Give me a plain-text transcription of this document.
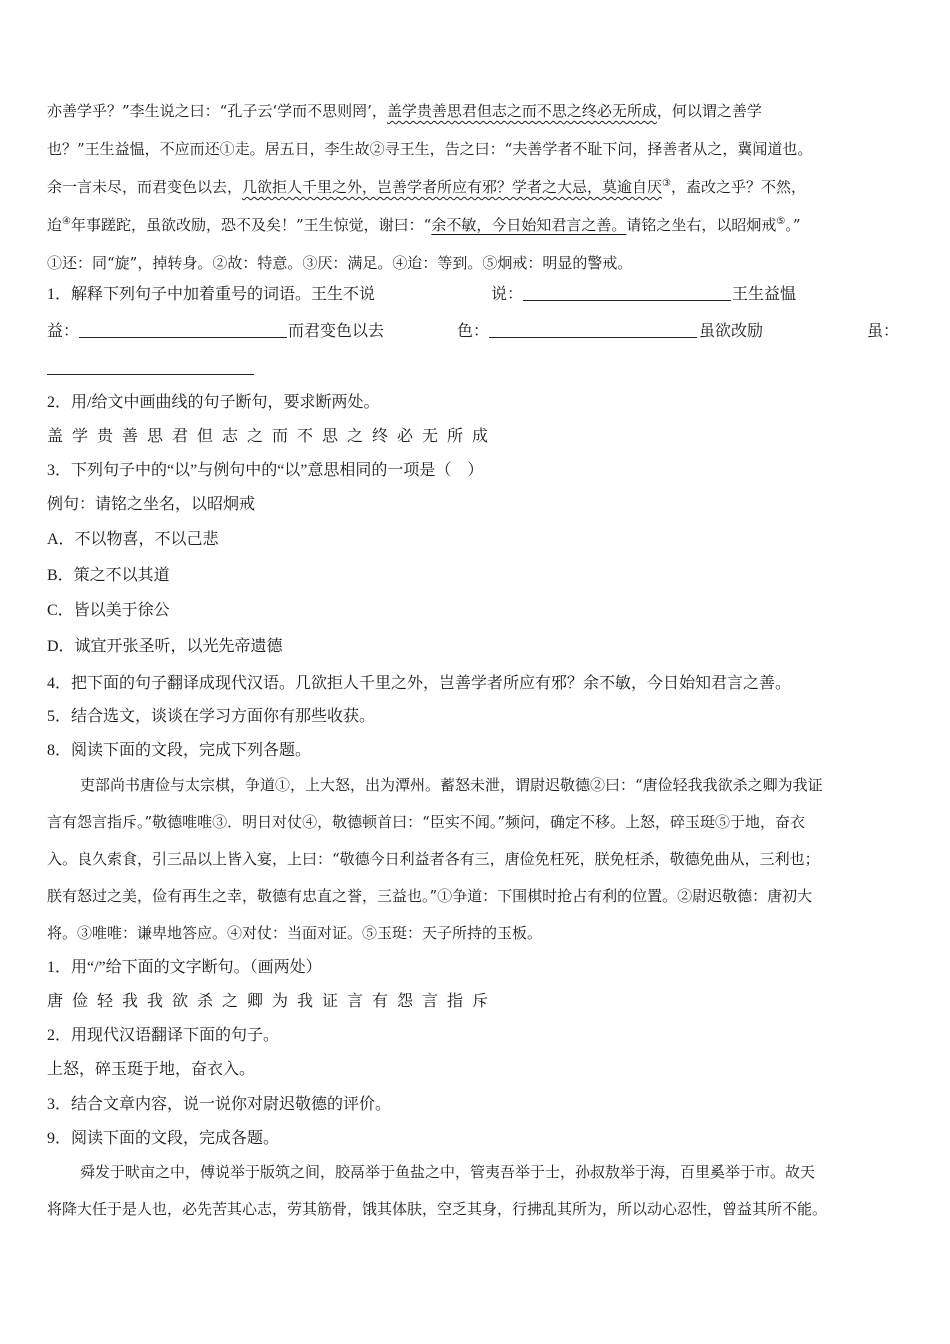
亦善学乎？”李生说之曰：“孔子云‘学而不思则罔’，盖学贵善思君但志之而不思之终必无所成，何以谓之善学
也？”王生益愠，不应而还①走。居五日，李生故②寻王生，告之曰：“夫善学者不耻下问，择善者从之，冀闻道也。
余一言未尽，而君变色以去，几欲拒人千里之外，岂善学者所应有邪？学者之大忌，莫逾自厌③，盍改之乎？不然，
迨④年事蹉跎，虽欲改励，恐不及矣！”王生惊觉，谢曰：“余不敏，今日始知君言之善。请铭之坐右，以昭炯戒⑤。”
①还：同“旋”，掉转身。②故：特意。③厌：满足。④迨：等到。⑤炯戒：明显的警戒。
1．解释下列句子中加着重号的词语。王生不说	说：	王生益愠
益：	而君变色以去	色：	虽欲改励	虽：
2．用/给文中画曲线的句子断句，要求断两处。
盖学贵善思君但志之而不思之终必无所成
3．下列句子中的“以”与例句中的“以”意思相同的一项是（　）
例句：请铭之坐名，以昭炯戒
A．不以物喜，不以己悲
B．策之不以其道
C．皆以美于徐公
D．诚宜开张圣听，以光先帝遗德
4．把下面的句子翻译成现代汉语。几欲拒人千里之外，岂善学者所应有邪？余不敏，今日始知君言之善。
5．结合选文，谈谈在学习方面你有那些收获。
8．阅读下面的文段，完成下列各题。
吏部尚书唐俭与太宗棋，争道①，上大怒，出为潭州。蓄怒未泄，谓尉迟敬德②曰：“唐俭轻我我欲杀之卿为我证
言有怨言指斥。”敬德唯唯③．明日对仗④，敬德顿首曰：“臣实不闻。”频问，确定不移。上怒，碎玉珽⑤于地，奋衣
入。良久索食，引三品以上皆入宴，上曰：“敬德今日利益者各有三，唐俭免枉死，朕免枉杀，敬德免曲从，三利也；
朕有怒过之美，俭有再生之幸，敬德有忠直之誉，三益也。”①争道：下围棋时抢占有利的位置。②尉迟敬德：唐初大
将。③唯唯：谦卑地答应。④对仗：当面对证。⑤玉珽：天子所持的玉板。
1．用“/”给下面的文字断句。（画两处）
唐俭轻我我欲杀之卿为我证言有怨言指斥
2．用现代汉语翻译下面的句子。
上怒，碎玉珽于地，奋衣入。
3．结合文章内容，说一说你对尉迟敬德的评价。
9．阅读下面的文段，完成各题。
舜发于畎亩之中，傅说举于版筑之间，胶鬲举于鱼盐之中，管夷吾举于士，孙叔敖举于海，百里奚举于市。故天
将降大任于是人也，必先苦其心志，劳其筋骨，饿其体肤，空乏其身，行拂乱其所为，所以动心忍性，曾益其所不能。
